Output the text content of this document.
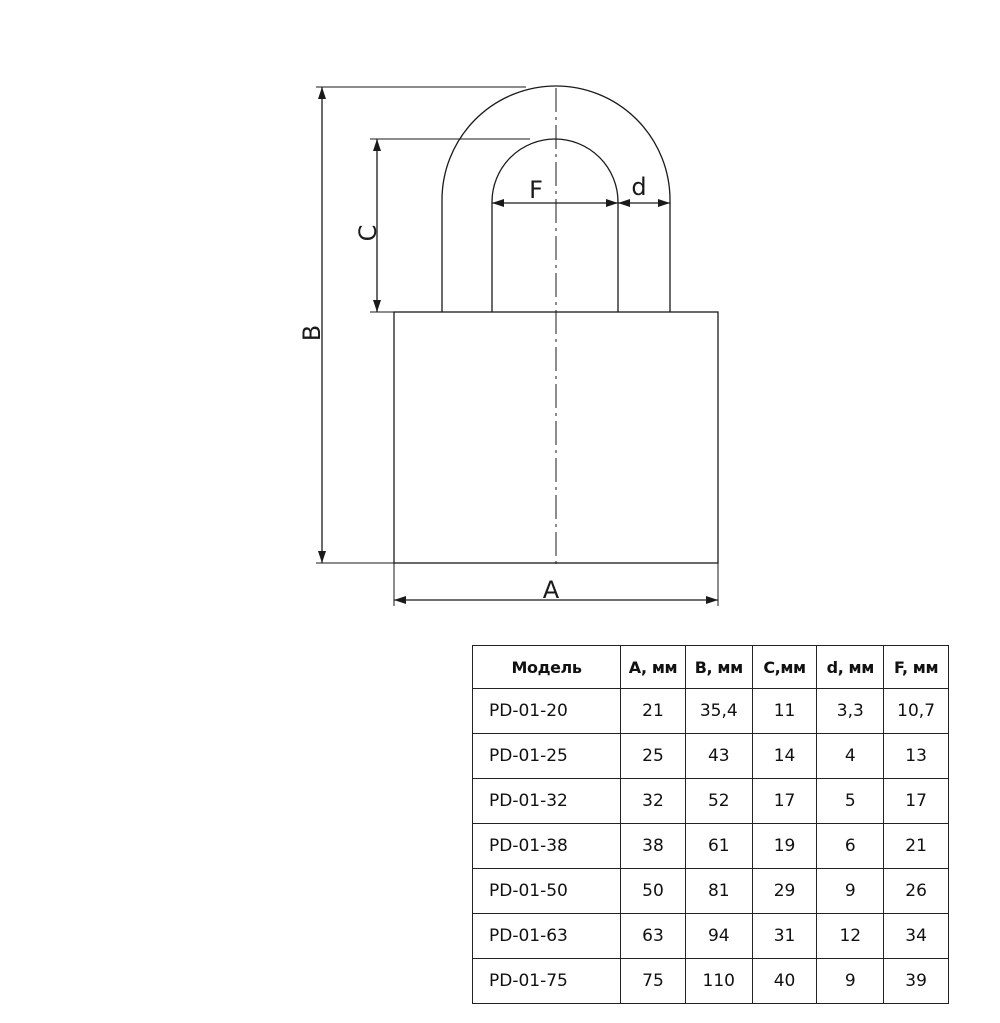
F	d
A
B
C
Модель	A, мм	B, мм	C,мм	d, мм	F, мм
PD-01-20	21	35,4	11	3,3	10,7
PD-01-25	25	43	14	4	13
PD-01-32	32	52	17	5	17
PD-01-38	38	61	19	6	21
PD-01-50	50	81	29	9	26
PD-01-63	63	94	31	12	34
PD-01-75	75	110	40	9	39
